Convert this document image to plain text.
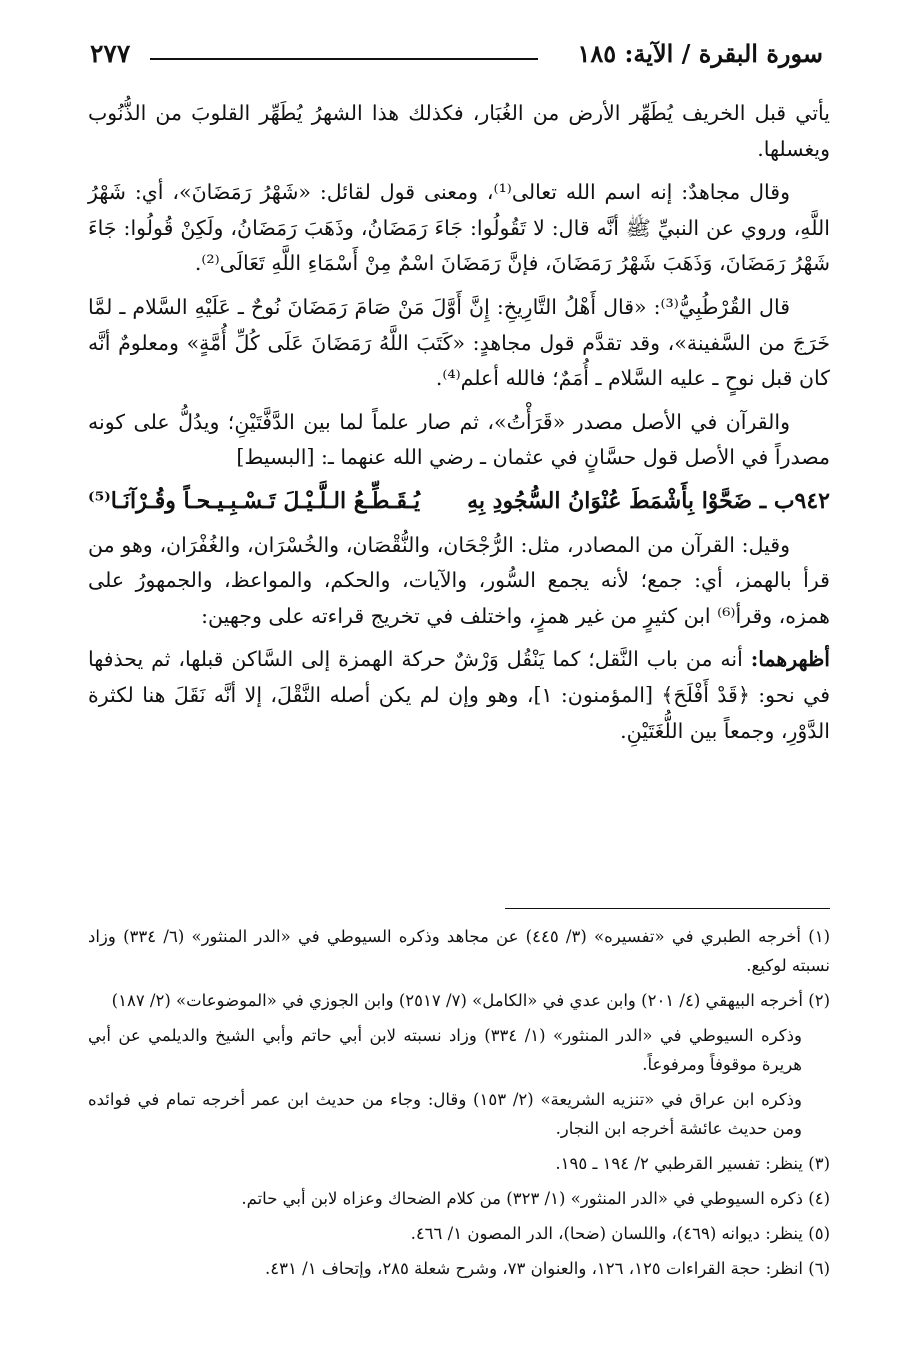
سورة البقرة / الآية: ١٨٥
٢٧٧

يأتي قبل الخريف يُطَهِّر الأرض من الغُبَار، فكذلك هذا الشهرُ يُطَهِّر القلوبَ من الذُّنُوب ويغسلها.

وقال مجاهدٌ: إنه اسم الله تعالى⁽¹⁾، ومعنى قول لقائل: «شَهْرُ رَمَضَانَ»، أي: شَهْرُ اللَّهِ، وروي عن النبيِّ ﷺ أنَّه قال: لا تَقُولُوا: جَاءَ رَمَضَانُ، وذَهَبَ رَمَضَانُ، ولَكِنْ قُولُوا: جَاءَ شَهْرُ رَمَضَانَ، وَذَهَبَ شَهْرُ رَمَضَانَ، فإنَّ رَمَضَانَ اسْمٌ مِنْ أَسْمَاءِ اللَّهِ تَعَالَى⁽²⁾.

قال القُرْطُبِيُّ⁽³⁾: «قال أَهْلُ التَّارِيخِ: إِنَّ أَوَّلَ مَنْ صَامَ رَمَضَانَ نُوحٌ ـ عَلَيْهِ السَّلام ـ لمَّا خَرَجَ من السَّفينة»، وقد تقدَّم قول مجاهدٍ: «كَتَبَ اللَّهُ رَمَضَانَ عَلَى كُلِّ أُمَّةٍ» ومعلومٌ أنَّه كان قبل نوحٍ ـ عليه السَّلام ـ أُمَمٌ؛ فالله أعلم⁽⁴⁾.

والقرآن في الأصل مصدر «قَرَأْتُ»، ثم صار علماً لما بين الدَّفَّتَيْنِ؛ ويدُلُّ على كونه مصدراً في الأصل قول حسَّانٍ في عثمان ـ رضي الله عنهما ـ: [البسيط]

٩٤٢ب ـ ضَحَّوْا بِأَشْمَطَ عُنْوَانُ السُّجُودِ بِهِ
يُـقَـطِّـعُ الـلَّـيْـلَ تَـسْـبِـيـحـاً وقُـرْآنَـا⁽⁵⁾

وقيل: القرآن من المصادر، مثل: الرُّجْحَان، والنُّقْصَان، والخُسْرَان، والغُفْرَان، وهو من قرأ بالهمز، أي: جمع؛ لأنه يجمع السُّور، والآيات، والحكم، والمواعظ، والجمهورُ على همزه، وقرأ⁽⁶⁾ ابن كثيرٍ من غير همزٍ، واختلف في تخريج قراءته على وجهين:

أظهرهما: أنه من باب النَّقل؛ كما يَنْقُل وَرْشٌ حركة الهمزة إلى السَّاكن قبلها، ثم يحذفها في نحو: ﴿قَدْ أَفْلَحَ﴾ [المؤمنون: ١]، وهو وإن لم يكن أصله النَّقْلَ، إلا أنَّه نَقَلَ هنا لكثرة الدَّوْرِ، وجمعاً بين اللُّغَتَيْنِ.

(١) أخرجه الطبري في «تفسيره» (٣/ ٤٤٥) عن مجاهد وذكره السيوطي في «الدر المنثور» (٦/ ٣٣٤) وزاد نسبته لوكيع.
(٢) أخرجه البيهقي (٤/ ٢٠١) وابن عدي في «الكامل» (٧/ ٢٥١٧) وابن الجوزي في «الموضوعات» (٢/ ١٨٧)
وذكره السيوطي في «الدر المنثور» (١/ ٣٣٤) وزاد نسبته لابن أبي حاتم وأبي الشيخ والديلمي عن أبي هريرة موقوفاً ومرفوعاً.
وذكره ابن عراق في «تنزيه الشريعة» (٢/ ١٥٣) وقال: وجاء من حديث ابن عمر أخرجه تمام في فوائده ومن حديث عائشة أخرجه ابن النجار.
(٣) ينظر: تفسير القرطبي ٢/ ١٩٤ ـ ١٩٥.
(٤) ذكره السيوطي في «الدر المنثور» (١/ ٣٢٣) من كلام الضحاك وعزاه لابن أبي حاتم.
(٥) ينظر: ديوانه (٤٦٩)، واللسان (ضحا)، الدر المصون ١/ ٤٦٦.
(٦) انظر: حجة القراءات ١٢٥، ١٢٦، والعنوان ٧٣، وشرح شعلة ٢٨٥، وإتحاف ١/ ٤٣١.
